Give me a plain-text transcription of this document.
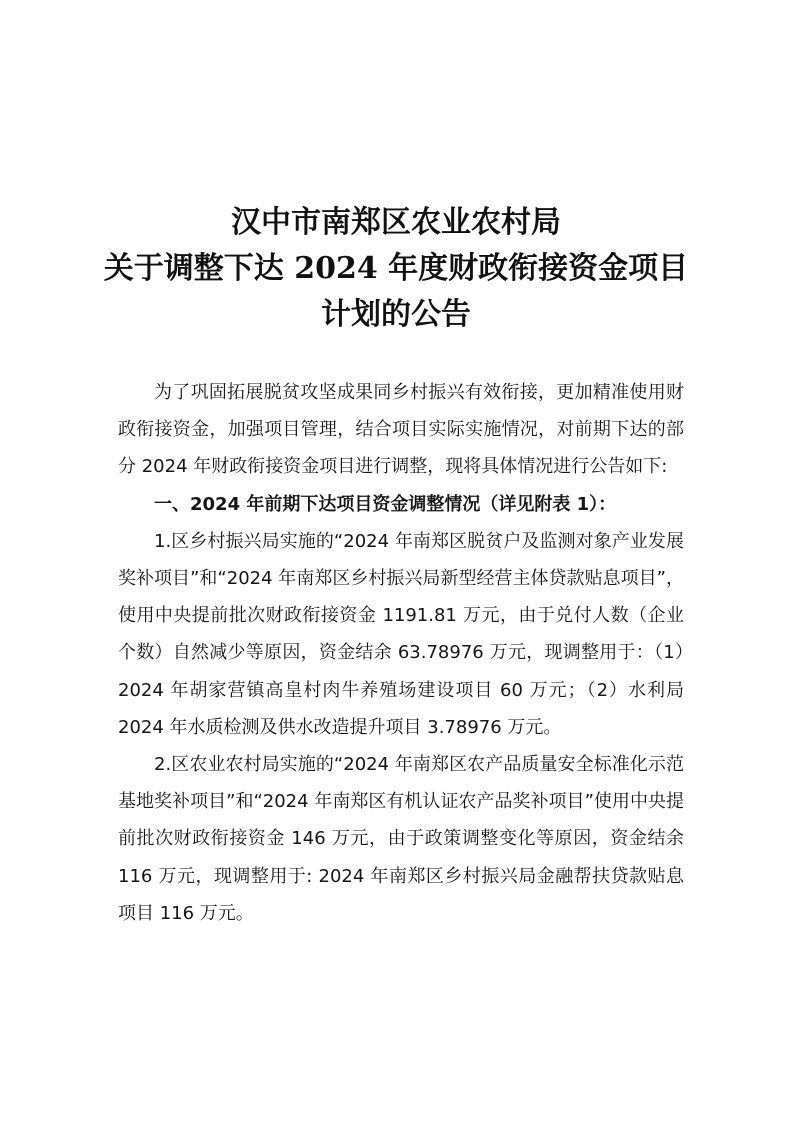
汉中市南郑区农业农村局
关于调整下达 2024 年度财政衔接资金项目
计划的公告

为了巩固拓展脱贫攻坚成果同乡村振兴有效衔接，更加精准使用财政衔接资金，加强项目管理，结合项目实际实施情况，对前期下达的部分 2024 年财政衔接资金项目进行调整，现将具体情况进行公告如下:

一、2024 年前期下达项目资金调整情况（详见附表 1）：

1.区乡村振兴局实施的“2024 年南郑区脱贫户及监测对象产业发展奖补项目”和“2024 年南郑区乡村振兴局新型经营主体贷款贴息项目”，使用中央提前批次财政衔接资金 1191.81 万元，由于兑付人数（企业个数）自然减少等原因，资金结余 63.78976 万元，现调整用于：（1）2024 年胡家营镇高皇村肉牛养殖场建设项目 60 万元；（2）水利局 2024 年水质检测及供水改造提升项目 3.78976 万元。

2.区农业农村局实施的“2024 年南郑区农产品质量安全标准化示范基地奖补项目”和“2024 年南郑区有机认证农产品奖补项目”使用中央提前批次财政衔接资金 146 万元，由于政策调整变化等原因，资金结余 116 万元，现调整用于: 2024 年南郑区乡村振兴局金融帮扶贷款贴息项目 116 万元。
